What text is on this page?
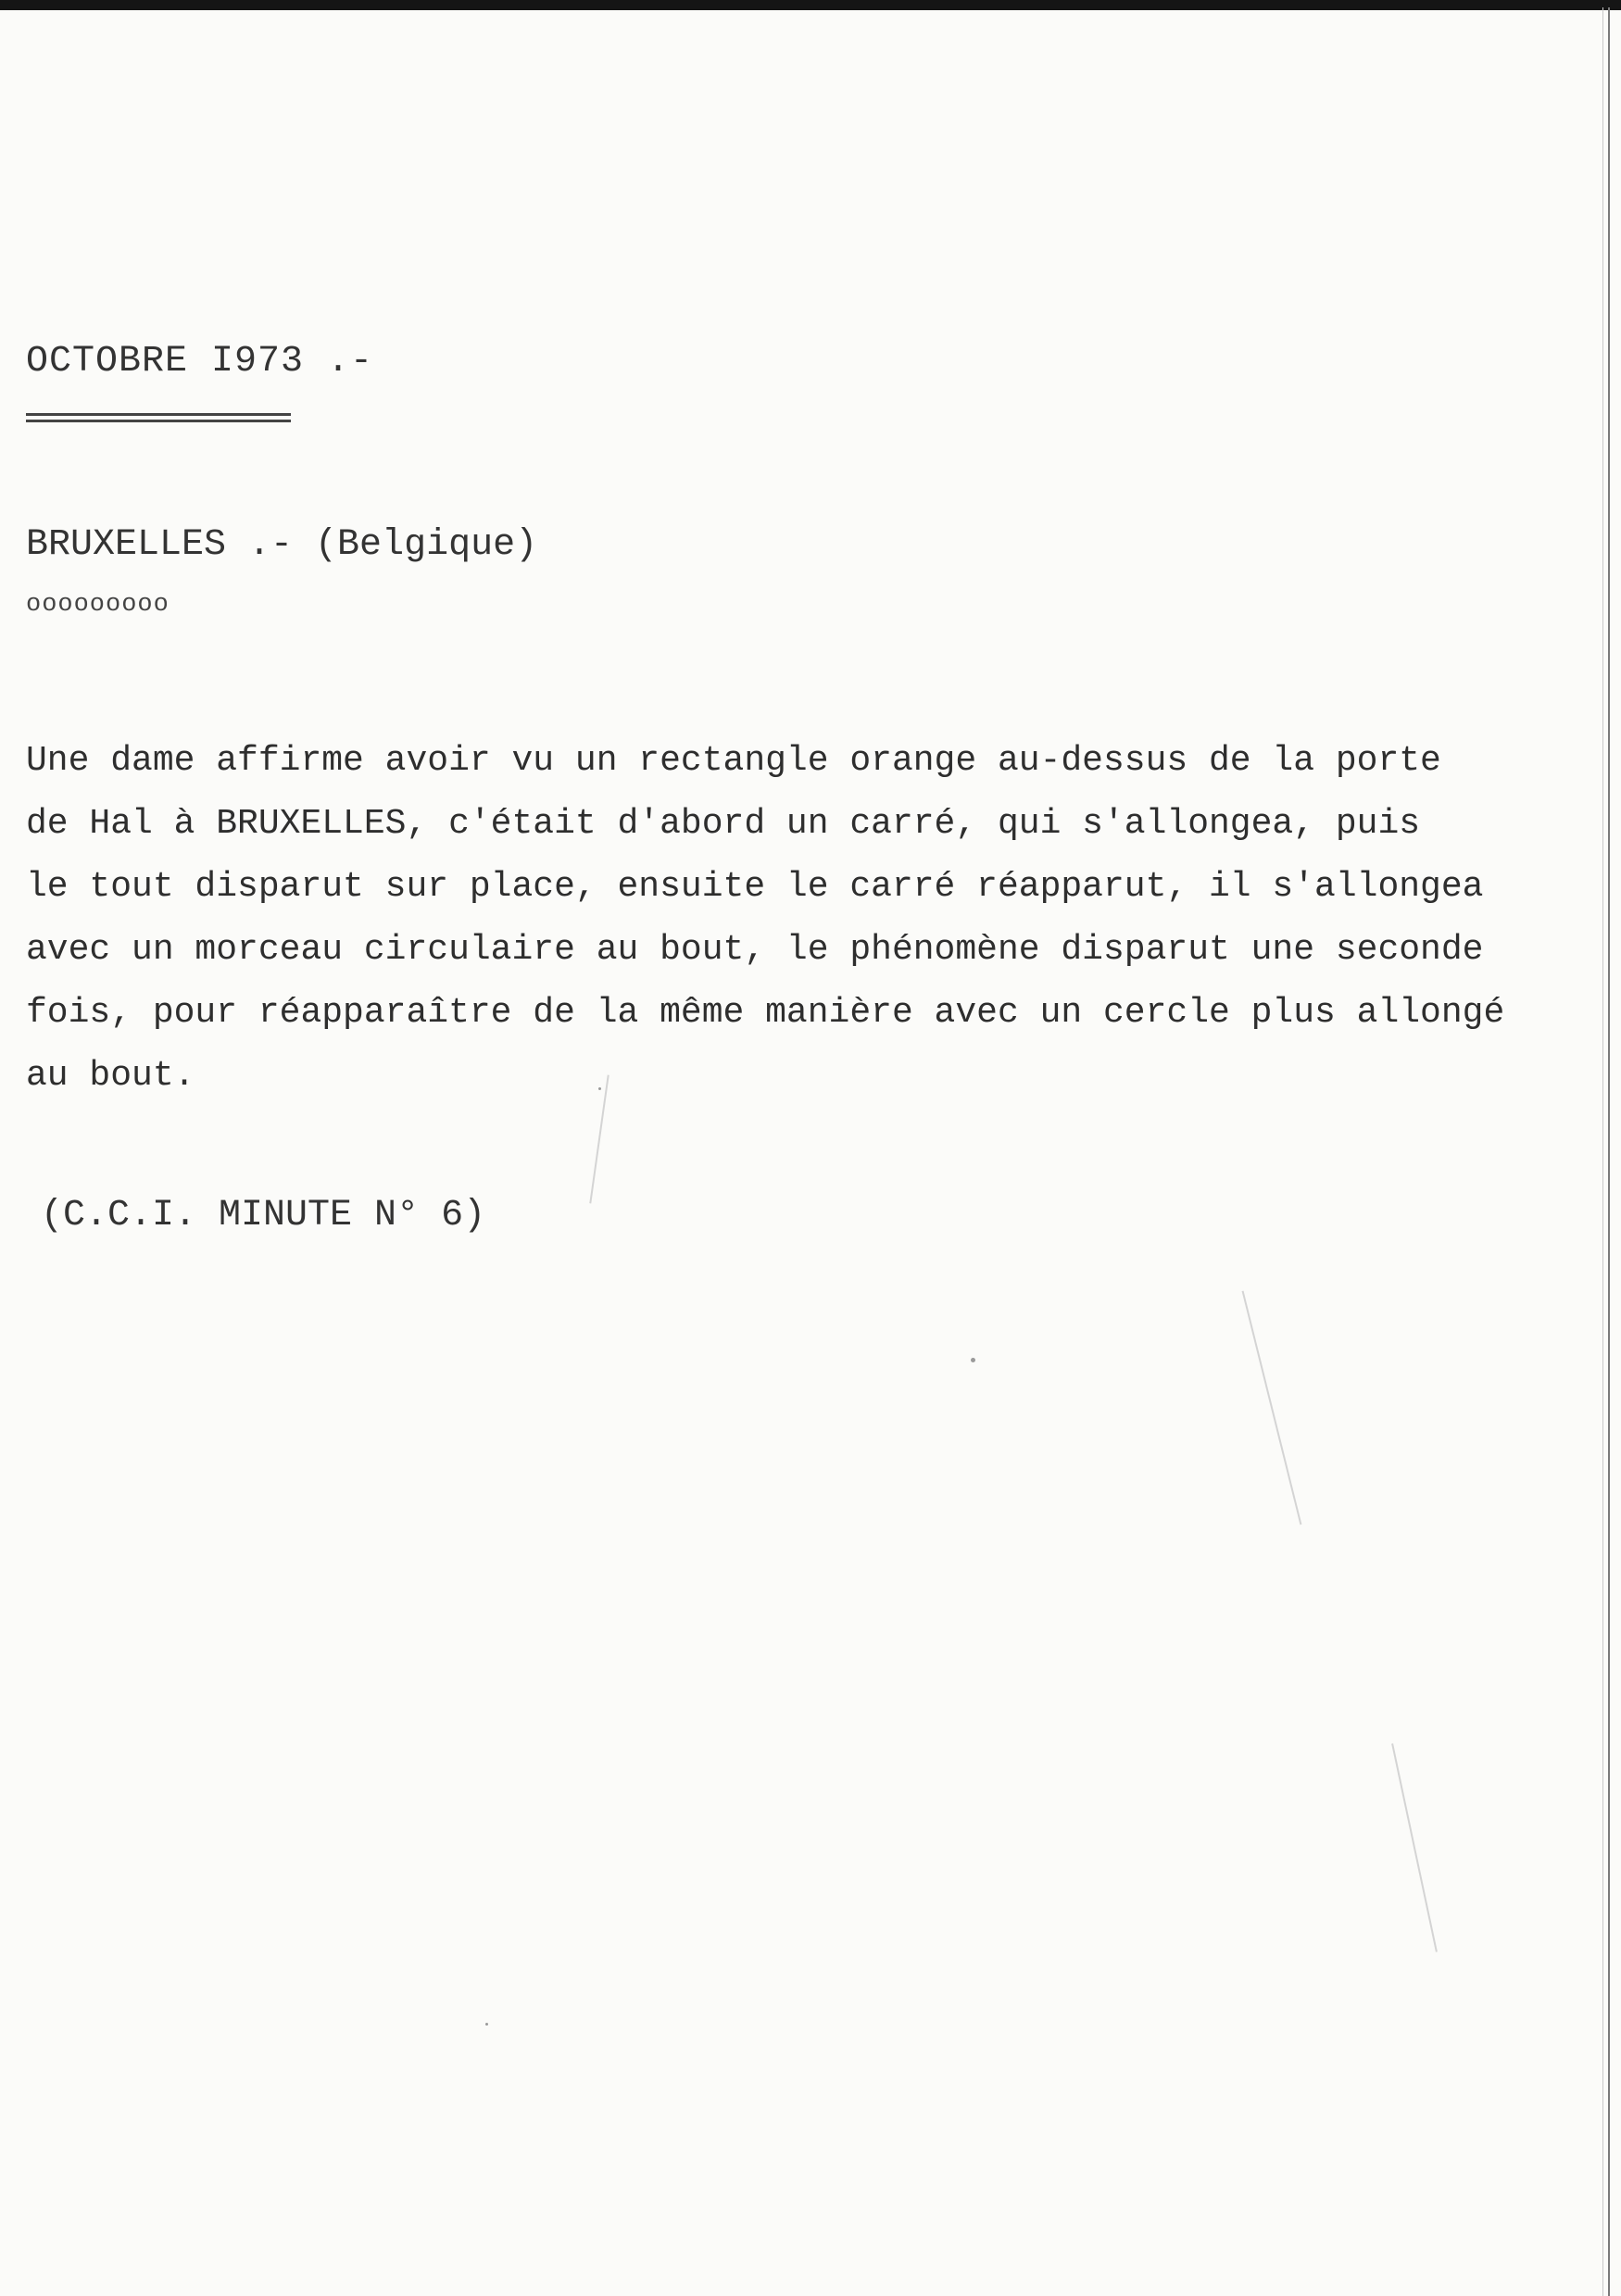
OCTOBRE I973 .-
BRUXELLES .- (Belgique)
ooooooooo
Une dame affirme avoir vu un rectangle orange au-dessus de la porte
de Hal à BRUXELLES, c'était d'abord un carré, qui s'allongea, puis
le tout disparut sur place, ensuite le carré réapparut, il s'allongea
avec un morceau circulaire au bout, le phénomène disparut une seconde
fois, pour réapparaître de la même manière avec un cercle plus allongé
au bout.
(C.C.I. MINUTE N° 6)
